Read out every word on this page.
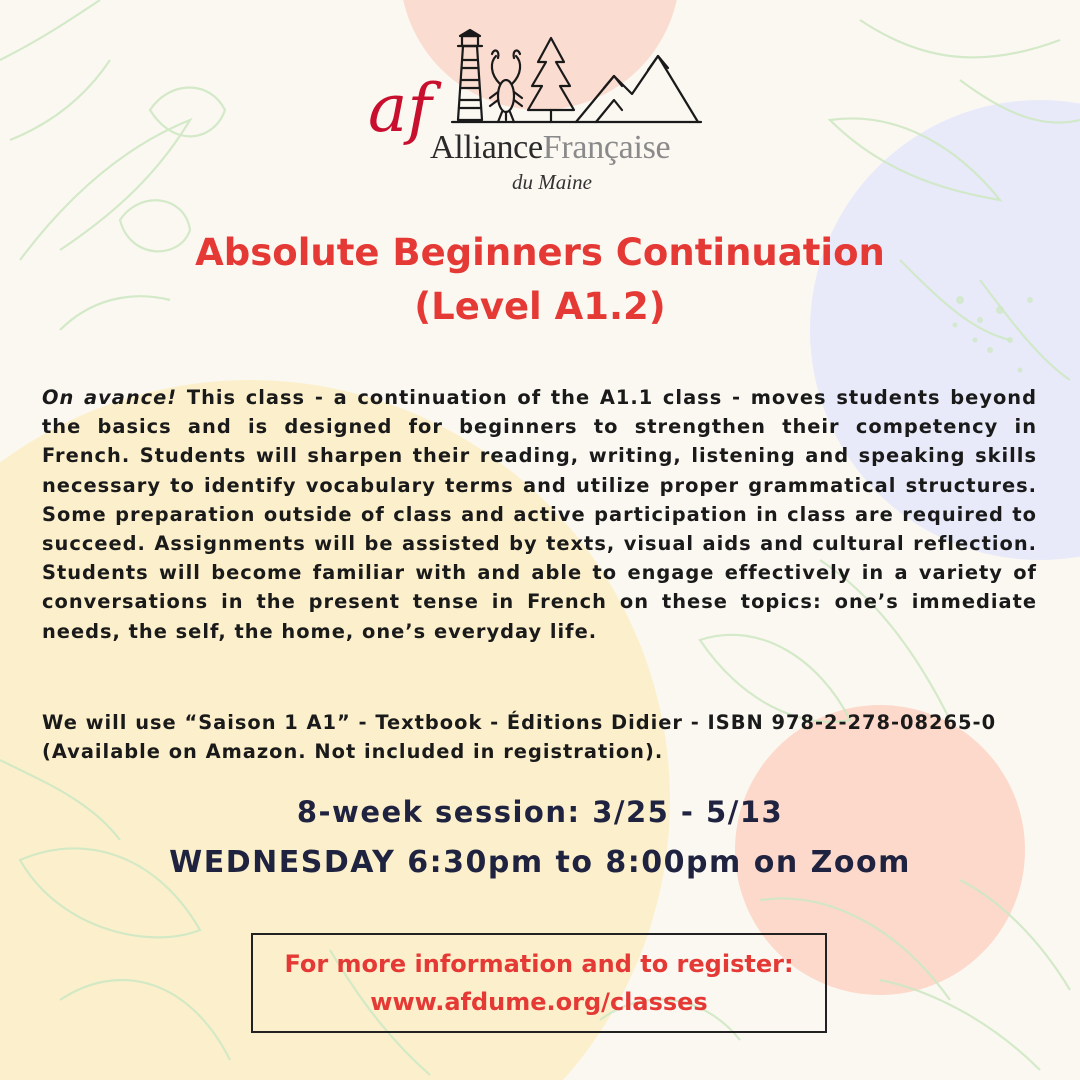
af
AllianceFrançaise
du Maine
Absolute Beginners Continuation
(Level A1.2)
On avance! This class - a continuation of the A1.1 class - moves students beyond the basics and is designed for beginners to strengthen their competency in French. Students will sharpen their reading, writing, listening and speaking skills necessary to identify vocabulary terms and utilize proper grammatical structures. Some preparation outside of class and active participation in class are required to succeed. Assignments will be assisted by texts, visual aids and cultural reflection. Students will become familiar with and able to engage effectively in a variety of conversations in the present tense in French on these topics: one’s immediate needs, the self, the home, one’s everyday life.
We will use “Saison 1 A1” - Textbook - Éditions Didier - ISBN 978-2-278-08265-0
(Available on Amazon. Not included in registration).
8-week session: 3/25 - 5/13
WEDNESDAY 6:30pm to 8:00pm on Zoom
For more information and to register:
www.afdume.org/classes
